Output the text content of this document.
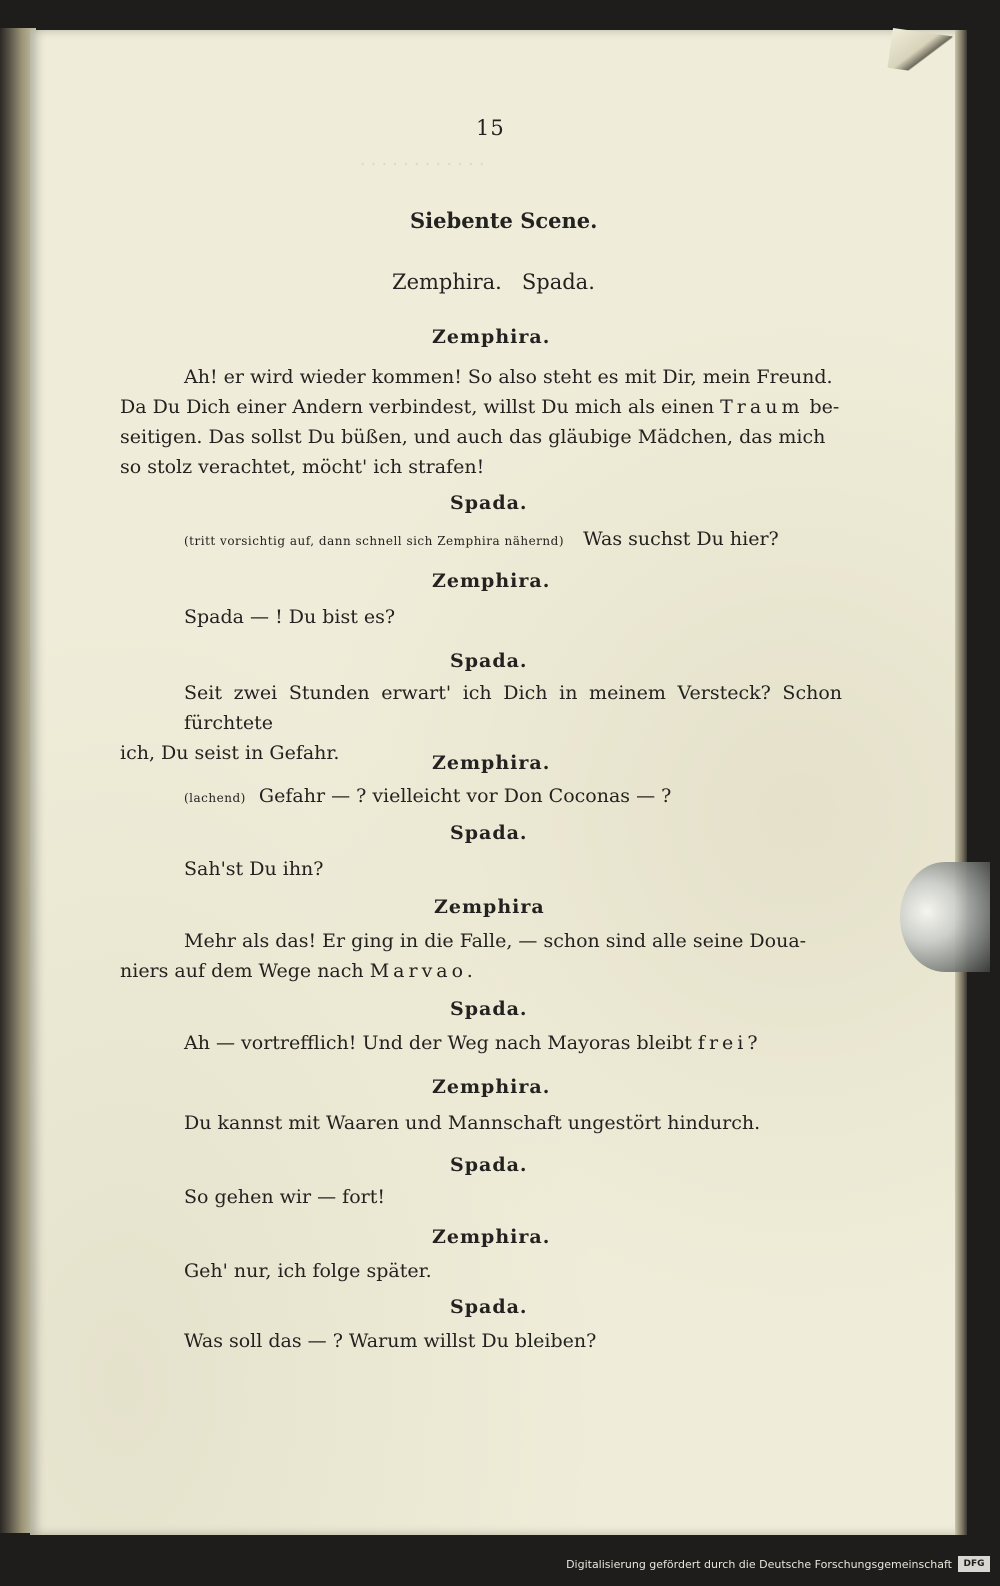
. . . . . . . . . . . .
15
Siebente Scene.
Zemphira.   Spada.
Zemphira.
Ah! er wird wieder kommen! So also steht es mit Dir, mein Freund.
Da Du Dich einer Andern verbindest, willst Du mich als einen Traum be-
seitigen. Das sollst Du büßen, und auch das gläubige Mädchen, das mich
so stolz verachtet, möcht' ich strafen!
Spada.
(tritt vorsichtig auf, dann schnell sich Zemphira nähernd) Was suchst Du hier?
Zemphira.
Spada — ! Du bist es?
Spada.
Seit zwei Stunden erwart' ich Dich in meinem Versteck? Schon fürchtete
ich, Du seist in Gefahr.	Zemphira.
(lachend) Gefahr — ? vielleicht vor Don Coconas — ?
Spada.
Sah'st Du ihn?
Zemphira
Mehr als das! Er ging in die Falle, — schon sind alle seine Doua-
niers auf dem Wege nach Marvao.
Spada.
Ah — vortrefflich! Und der Weg nach Mayoras bleibt frei?
Zemphira.
Du kannst mit Waaren und Mannschaft ungestört hindurch.
Spada.
So gehen wir — fort!
Zemphira.
Geh' nur, ich folge später.
Spada.
Was soll das — ? Warum willst Du bleiben?
Digitalisierung gefördert durch die Deutsche Forschungsgemeinschaft	DFG
